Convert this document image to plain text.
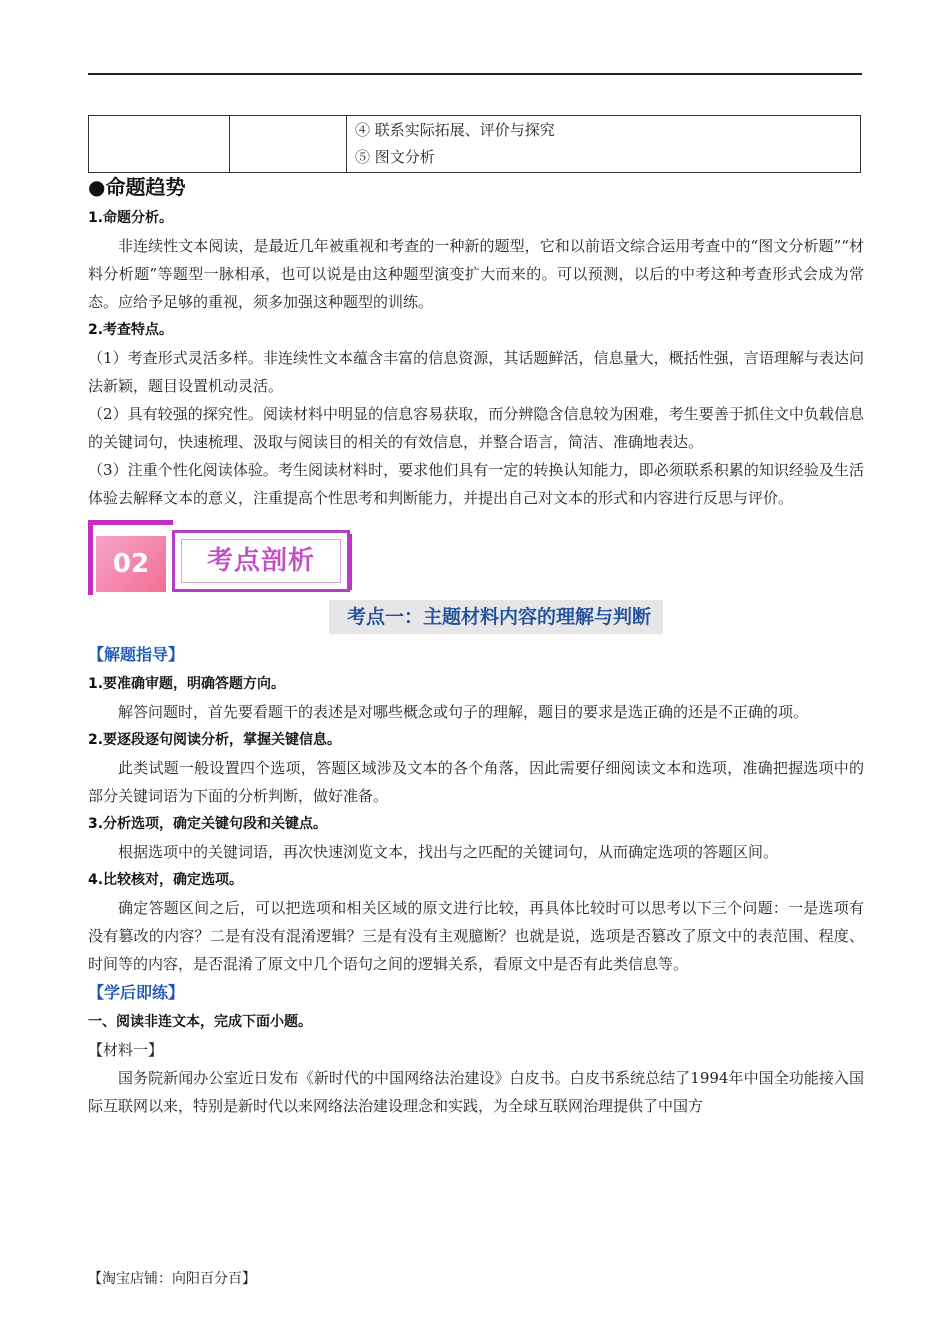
④ 联系实际拓展、评价与探究
⑤ 图文分析
●命题趋势

1.命题分析。

非连续性文本阅读，是最近几年被重视和考查的一种新的题型，它和以前语文综合运用考查中的“图文分析题”“材料分析题”等题型一脉相承，也可以说是由这种题型演变扩大而来的。可以预测，以后的中考这种考查形式会成为常态。应给予足够的重视，须多加强这种题型的训练。

2.考查特点。

（1）考查形式灵活多样。非连续性文本蕴含丰富的信息资源，其话题鲜活，信息量大，概括性强，言语理解与表达问法新颖，题目设置机动灵活。

（2）具有较强的探究性。阅读材料中明显的信息容易获取，而分辨隐含信息较为困难，考生要善于抓住文中负载信息的关键词句，快速梳理、汲取与阅读目的相关的有效信息，并整合语言，简洁、准确地表达。

（3）注重个性化阅读体验。考生阅读材料时，要求他们具有一定的转换认知能力，即必须联系积累的知识经验及生活体验去解释文本的意义，注重提高个性思考和判断能力，并提出自己对文本的形式和内容进行反思与评价。

02	考点剖析
考点一：主题材料内容的理解与判断
【解题指导】

1.要准确审题，明确答题方向。

解答问题时，首先要看题干的表述是对哪些概念或句子的理解，题目的要求是选正确的还是不正确的项。

2.要逐段逐句阅读分析，掌握关键信息。

此类试题一般设置四个选项，答题区域涉及文本的各个角落，因此需要仔细阅读文本和选项，准确把握选项中的部分关键词语为下面的分析判断，做好准备。

3.分析选项，确定关键句段和关键点。

根据选项中的关键词语，再次快速浏览文本，找出与之匹配的关键词句，从而确定选项的答题区间。

4.比较核对，确定选项。

确定答题区间之后，可以把选项和相关区域的原文进行比较，再具体比较时可以思考以下三个问题：一是选项有没有篡改的内容？二是有没有混淆逻辑？三是有没有主观臆断？也就是说，选项是否篡改了原文中的表范围、程度、时间等的内容，是否混淆了原文中几个语句之间的逻辑关系，看原文中是否有此类信息等。

【学后即练】

一、阅读非连文本，完成下面小题。

【材料一】

国务院新闻办公室近日发布《新时代的中国网络法治建设》白皮书。白皮书系统总结了1994年中国全功能接入国际互联网以来，特别是新时代以来网络法治建设理念和实践，为全球互联网治理提供了中国方

【淘宝店铺：向阳百分百】
